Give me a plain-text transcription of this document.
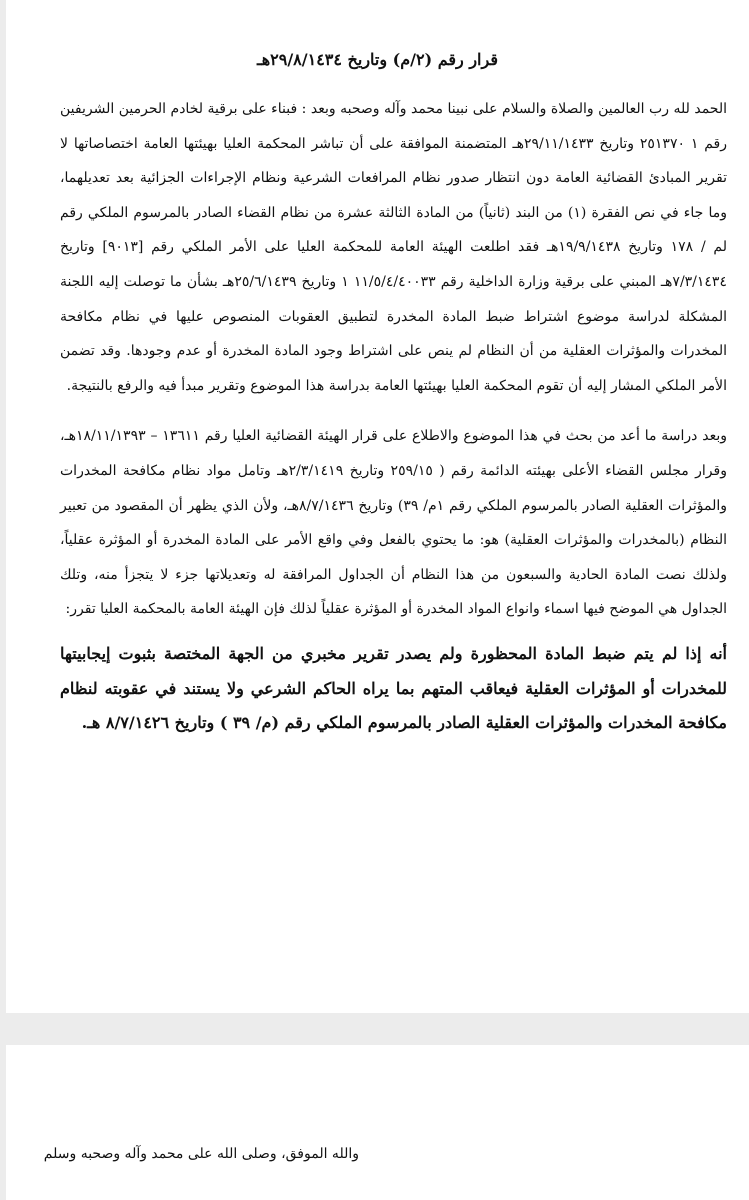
قرار رقم (٢/م) وتاريخ ٢٩/٨/١٤٣٤هـ

الحمد لله رب العالمين والصلاة والسلام على نبينا محمد وآله وصحبه وبعد : فبناء على برقية لخادم الحرمين الشريفين رقم ١ ٢٥١٣٧٠ وتاريخ ٢٩/١١/١٤٣٣هـ المتضمنة الموافقة على أن تباشر المحكمة العليا بهيئتها العامة اختصاصاتها لا تقرير المبادئ القضائية العامة دون انتظار صدور نظام المرافعات الشرعية ونظام الإجراءات الجزائية بعد تعديلهما، وما جاء في نص الفقرة (١) من البند (ثانياً) من المادة الثالثة عشرة من نظام القضاء الصادر بالمرسوم الملكي رقم لم / ١٧٨ وتاريخ ١٩/٩/١٤٣٨هـ فقد اطلعت الهيئة العامة للمحكمة العليا على الأمر الملكي رقم [٩٠١٣] وتاريخ ٧/٣/١٤٣٤هـ المبني على برقية وزارة الداخلية رقم ١١/٥/٤/٤٠٠٣٣ ١ وتاريخ ٢٥/٦/١٤٣٩هـ بشأن ما توصلت إليه اللجنة المشكلة لدراسة موضوع اشتراط ضبط المادة المخدرة لتطبيق العقوبات المنصوص عليها في نظام مكافحة المخدرات والمؤثرات العقلية من أن النظام لم ينص على اشتراط وجود المادة المخدرة أو عدم وجودها. وقد تضمن الأمر الملكي المشار إليه أن تقوم المحكمة العليا بهيئتها العامة بدراسة هذا الموضوع وتقرير مبدأ فيه والرفع بالنتيجة.

وبعد دراسة ما أعد من بحث في هذا الموضوع والاطلاع على قرار الهيئة القضائية العليا رقم ١٣٦١١ – ١٨/١١/١٣٩٣هـ، وقرار مجلس القضاء الأعلى بهيئته الدائمة رقم ( ٢٥٩/١٥ وتاريخ ٢/٣/١٤١٩هـ وتامل مواد نظام مكافحة المخدرات والمؤثرات العقلية الصادر بالمرسوم الملكي رقم ١م/ ٣٩) وتاريخ ٨/٧/١٤٣٦هـ، ولأن الذي يظهر أن المقصود من تعبير النظام (بالمخدرات والمؤثرات العقلية) هو: ما يحتوي بالفعل وفي واقع الأمر على المادة المخدرة أو المؤثرة عقلياً، ولذلك نصت المادة الحادية والسبعون من هذا النظام أن الجداول المرافقة له وتعديلاتها جزء لا يتجزأ منه، وتلك الجداول هي الموضح فيها اسماء وانواع المواد المخدرة أو المؤثرة عقلياً لذلك فإن الهيئة العامة بالمحكمة العليا تقرر:

أنه إذا لم يتم ضبط المادة المحظورة ولم يصدر تقرير مخبري من الجهة المختصة بثبوت إيجابيتها للمخدرات أو المؤثرات العقلية فيعاقب المتهم بما يراه الحاكم الشرعي ولا يستند في عقوبته لنظام مكافحة المخدرات والمؤثرات العقلية الصادر بالمرسوم الملكي رقم (م/ ٣٩ ) وتاريخ ٨/٧/١٤٢٦ هـ.

والله الموفق، وصلى الله على محمد وآله وصحبه وسلم
